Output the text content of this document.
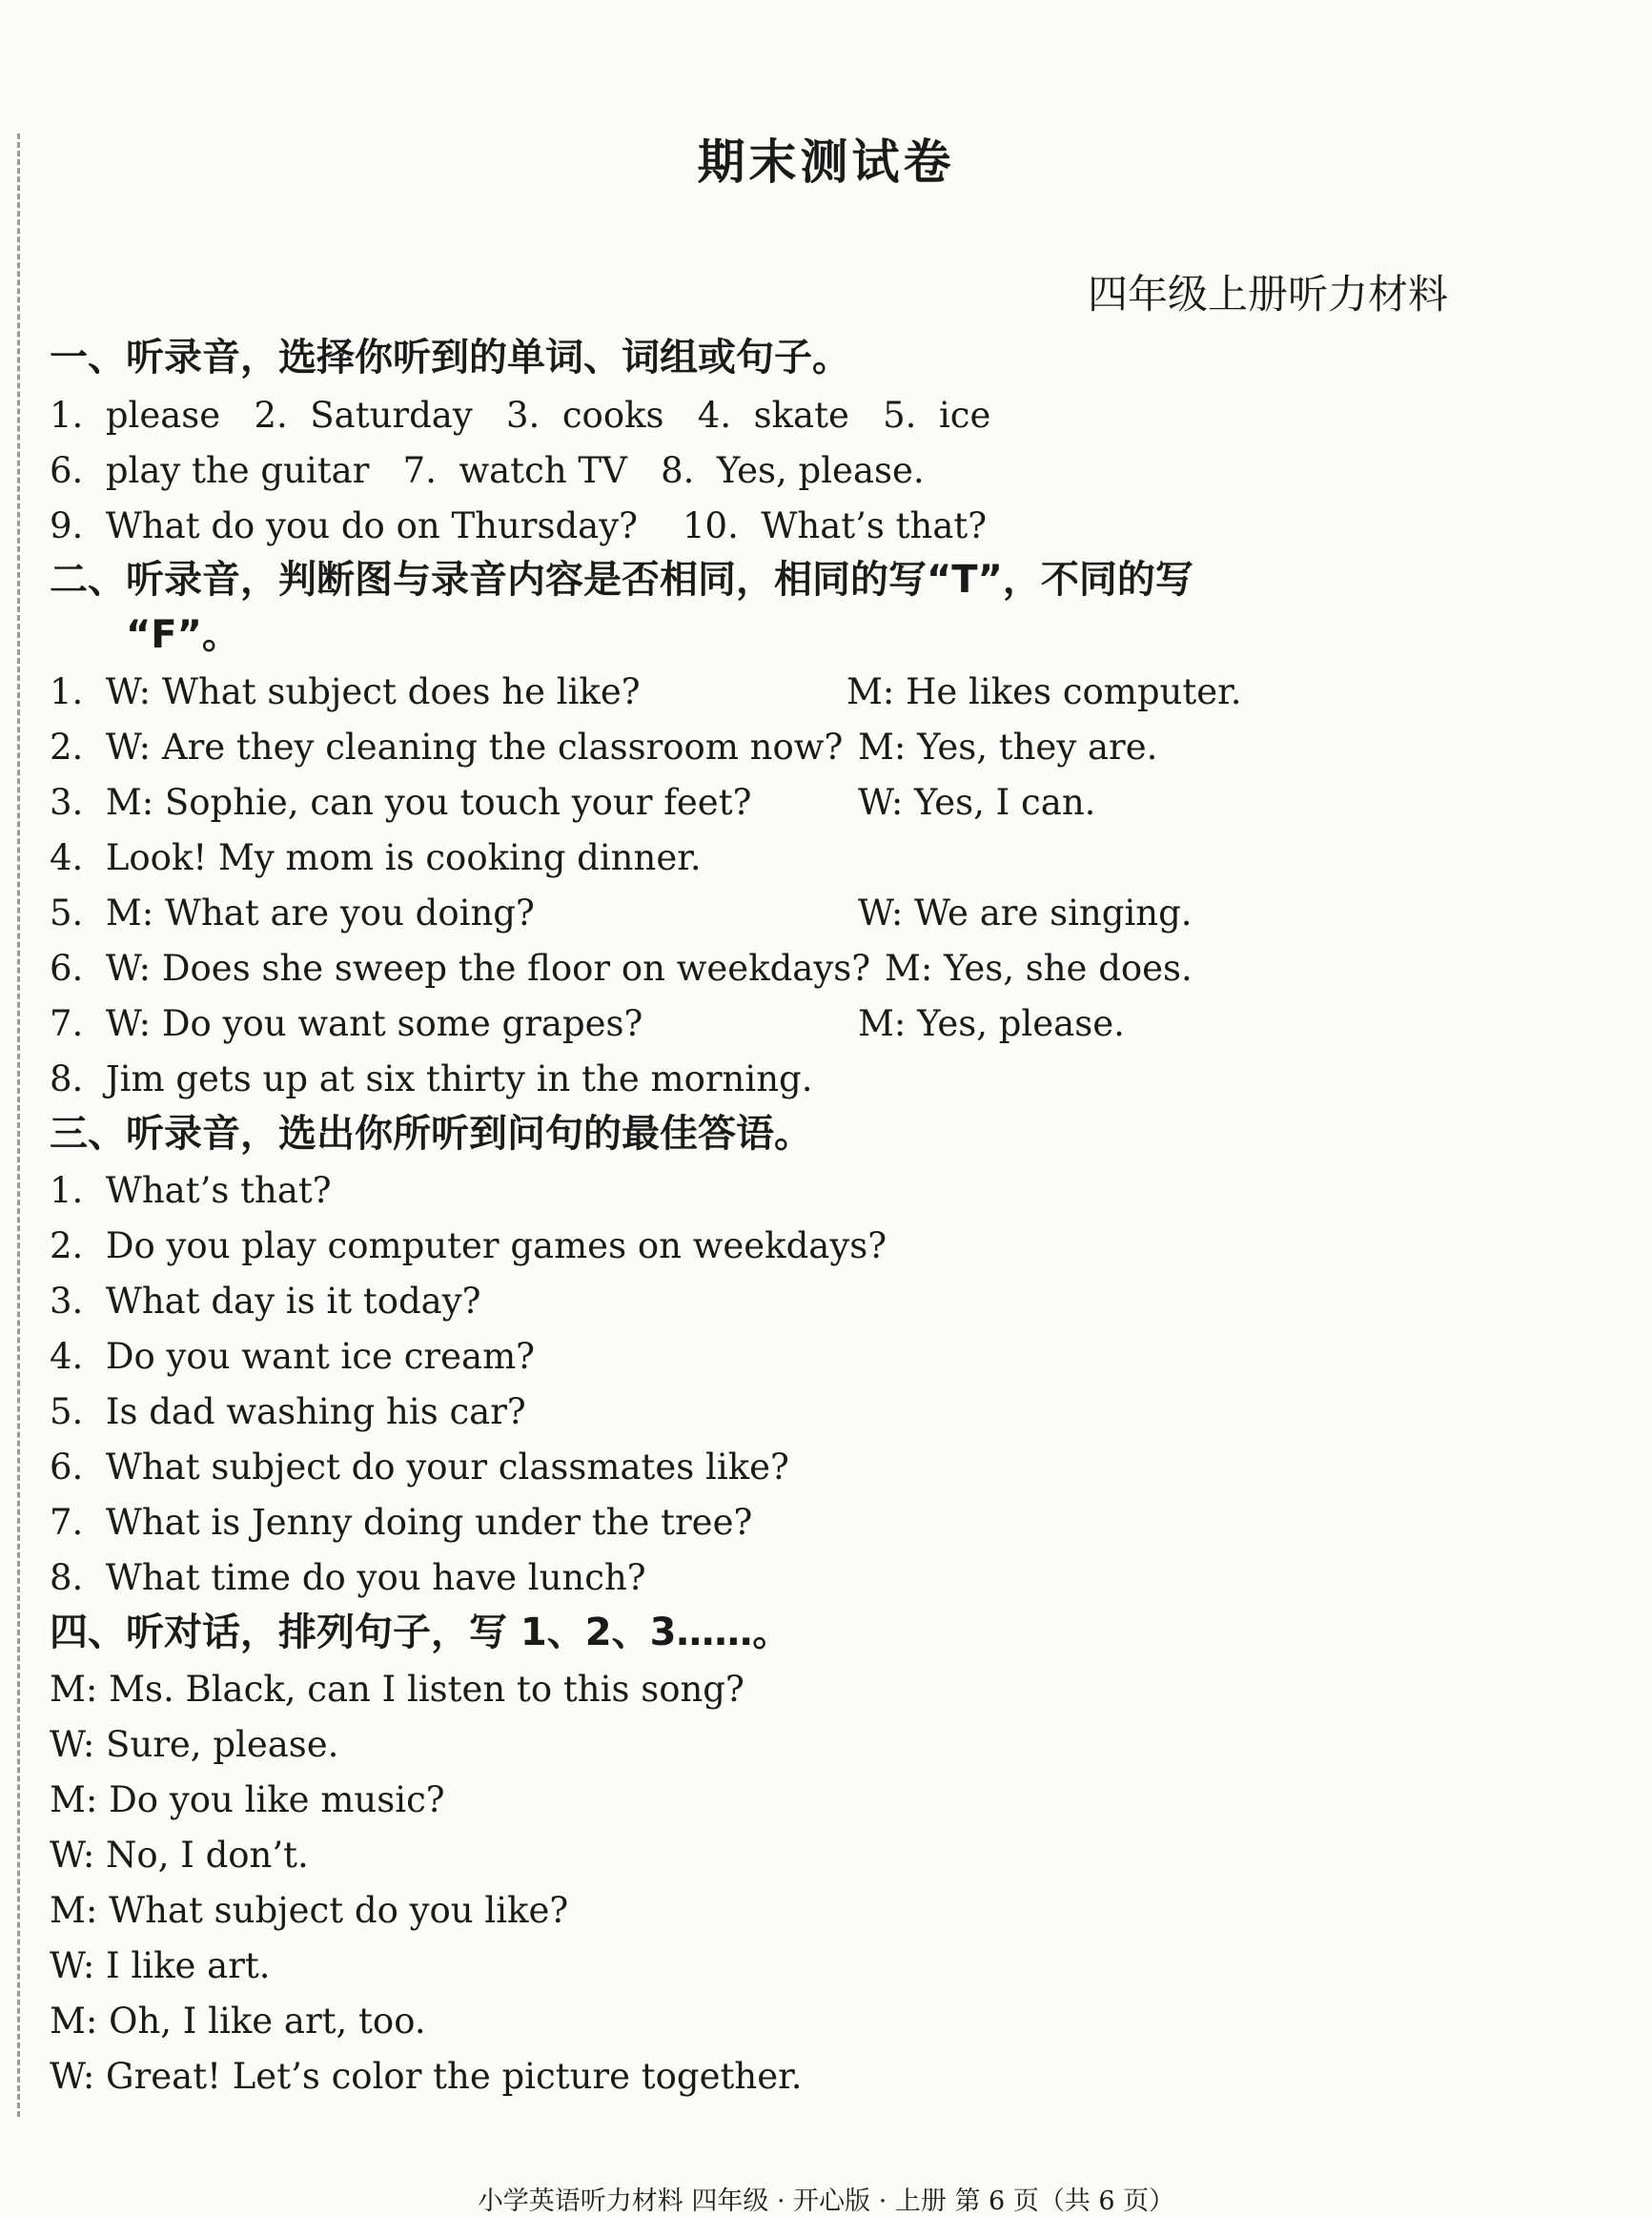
期末测试卷
四年级上册听力材料
一、听录音，选择你听到的单词、词组或句子。
1.  please   2.  Saturday   3.  cooks   4.  skate   5.  ice
6.  play the guitar   7.  watch TV   8.  Yes, please.
9.  What do you do on Thursday?    10.  What’s that?
二、听录音，判断图与录音内容是否相同，相同的写“T”，不同的写
“F”。
1.  W: What subject does he like?	M: He likes computer.
2.  W: Are they cleaning the classroom now? M: Yes, they are.
3.  M: Sophie, can you touch your feet?	W: Yes, I can.
4.  Look! My mom is cooking dinner.
5.  M: What are you doing?	W: We are singing.
6.  W: Does she sweep the floor on weekdays? M: Yes, she does.
7.  W: Do you want some grapes?	M: Yes, please.
8.  Jim gets up at six thirty in the morning.
三、听录音，选出你所听到问句的最佳答语。
1.  What’s that?
2.  Do you play computer games on weekdays?
3.  What day is it today?
4.  Do you want ice cream?
5.  Is dad washing his car?
6.  What subject do your classmates like?
7.  What is Jenny doing under the tree?
8.  What time do you have lunch?
四、听对话，排列句子，写 1、2、3……。
M: Ms. Black, can I listen to this song?
W: Sure, please.
M: Do you like music?
W: No, I don’t.
M: What subject do you like?
W: I like art.
M: Oh, I like art, too.
W: Great! Let’s color the picture together.
小学英语听力材料 四年级 · 开心版 · 上册 第 6 页（共 6 页）
